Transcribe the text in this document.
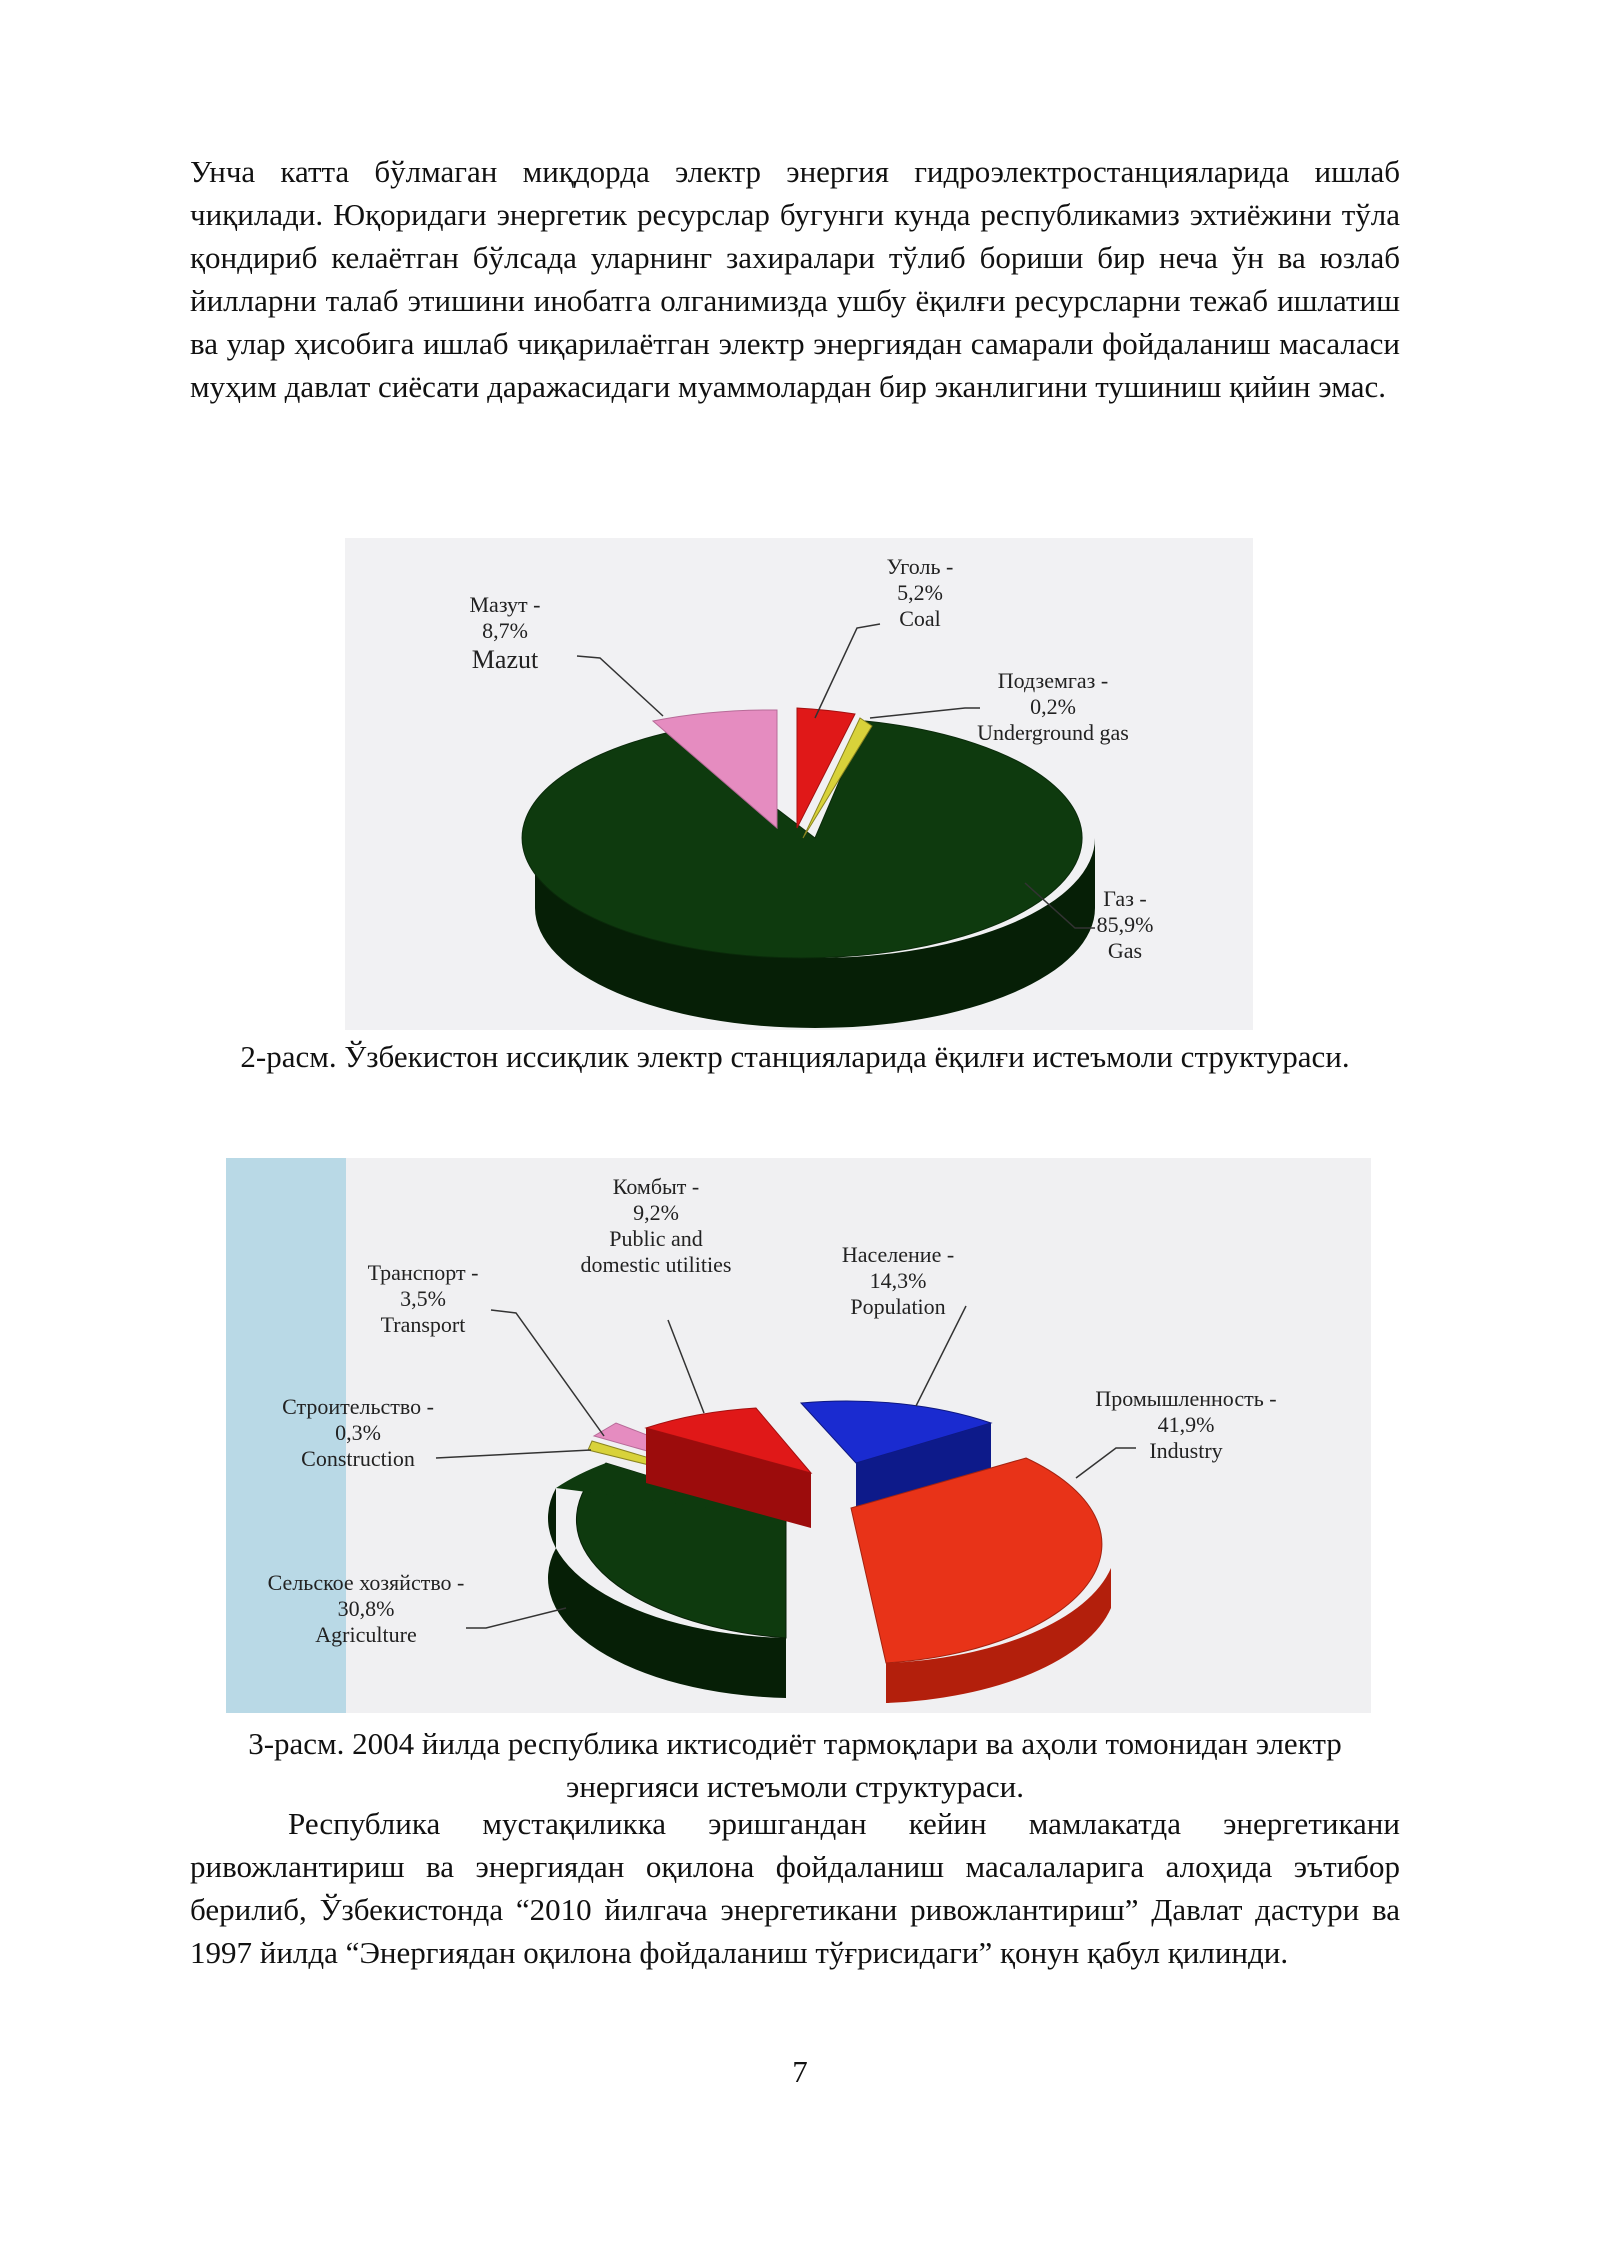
Унча катта бўлмаган миқдорда электр энергия гидроэлектростанцияларида ишлаб чиқилади. Юқоридаги энергетик ресурслар бугунги кунда республикамиз эхтиёжини тўла қондириб келаётган бўлсада уларнинг захиралари тўлиб бориши бир неча ўн ва юзлаб йилларни талаб этишини инобатга олганимизда ушбу ёқилғи ресурсларни тежаб ишлатиш ва улар ҳисобига ишлаб чиқарилаётган электр энергиядан самарали фойдаланиш масаласи муҳим давлат сиёсати даражасидаги муаммолардан бир эканлигини тушиниш қийин эмас.

Уголь -
5,2%
Coal
Мазут -
8,7%
Mazut
Подземгаз -
0,2%
Underground gas
Газ -
85,9%
Gas

2-расм. Ўзбекистон иссиқлик электр станцияларида ёқилғи истеъмоли структураси.

Комбыт -
9,2%
Public and
domestic utilities
Транспорт -
3,5%
Transport
Население -
14,3%
Population
Промышленность -
41,9%
Industry
Строительство -
0,3%
Construction
Сельское хозяйство -
30,8%
Agriculture

3-расм. 2004 йилда республика иктисодиёт тармоқлари ва аҳоли томонидан электр энергияси истеъмоли структураси.

Республика мустақиликка эришгандан кейин мамлакатда энергетикани ривожлантириш ва энергиядан оқилона фойдаланиш масалаларига алоҳида эътибор берилиб, Ўзбекистонда “2010 йилгача энергетикани ривожлантириш” Давлат дастури ва 1997 йилда “Энергиядан оқилона фойдаланиш тўғрисидаги” қонун қабул қилинди.

7
